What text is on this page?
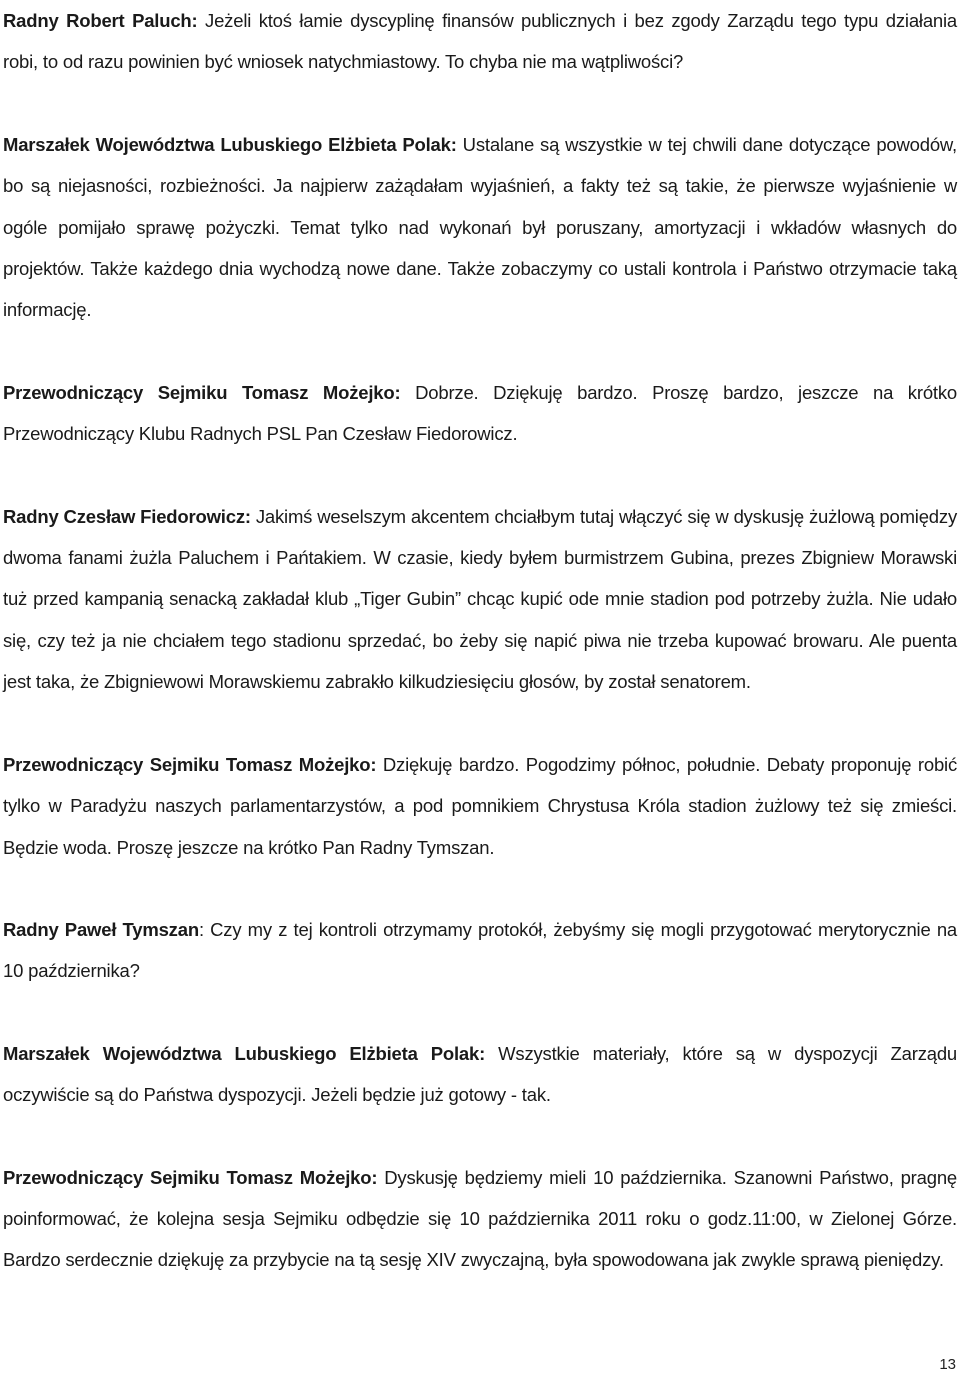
Radny Robert Paluch: Jeżeli ktoś łamie dyscyplinę finansów publicznych i bez zgody Zarządu tego typu działania robi, to od razu powinien być wniosek natychmiastowy. To chyba nie ma wątpliwości?

Marszałek Województwa Lubuskiego Elżbieta Polak: Ustalane są wszystkie w tej chwili dane dotyczące powodów, bo są niejasności, rozbieżności. Ja najpierw zażądałam wyjaśnień, a fakty też są takie, że pierwsze wyjaśnienie w ogóle pomijało sprawę pożyczki. Temat tylko nad wykonań był poruszany, amortyzacji i wkładów własnych do projektów. Także każdego dnia wychodzą nowe dane. Także zobaczymy co ustali kontrola i Państwo otrzymacie taką informację.

Przewodniczący Sejmiku Tomasz Możejko: Dobrze. Dziękuję bardzo. Proszę bardzo, jeszcze na krótko Przewodniczący Klubu Radnych PSL Pan Czesław Fiedorowicz.

Radny Czesław Fiedorowicz: Jakimś weselszym akcentem chciałbym tutaj włączyć się w dyskusję żużlową pomiędzy dwoma fanami żużla Paluchem i Pańtakiem. W czasie, kiedy byłem burmistrzem Gubina, prezes Zbigniew Morawski tuż przed kampanią senacką zakładał klub „Tiger Gubin” chcąc kupić ode mnie stadion pod potrzeby żużla. Nie udało się, czy też ja nie chciałem tego stadionu sprzedać, bo żeby się napić piwa nie trzeba kupować browaru. Ale puenta jest taka, że Zbigniewowi Morawskiemu zabrakło kilkudziesięciu głosów, by został senatorem.

Przewodniczący Sejmiku Tomasz Możejko: Dziękuję bardzo. Pogodzimy północ, południe. Debaty proponuję robić tylko w Paradyżu naszych parlamentarzystów, a pod pomnikiem Chrystusa Króla stadion żużlowy też się zmieści. Będzie woda. Proszę jeszcze na krótko Pan Radny Tymszan.

Radny Paweł Tymszan: Czy my z tej kontroli otrzymamy protokół, żebyśmy się mogli przygotować merytorycznie na 10 października?

Marszałek Województwa Lubuskiego Elżbieta Polak: Wszystkie materiały, które są w dyspozycji Zarządu oczywiście są do Państwa dyspozycji. Jeżeli będzie już gotowy - tak.

Przewodniczący Sejmiku Tomasz Możejko: Dyskusję będziemy mieli 10 października. Szanowni Państwo, pragnę poinformować, że kolejna sesja Sejmiku odbędzie się 10 października 2011 roku o godz.11:00, w Zielonej Górze. Bardzo serdecznie dziękuję za przybycie na tą sesję XIV zwyczajną, była spowodowana jak zwykle sprawą pieniędzy.

13
